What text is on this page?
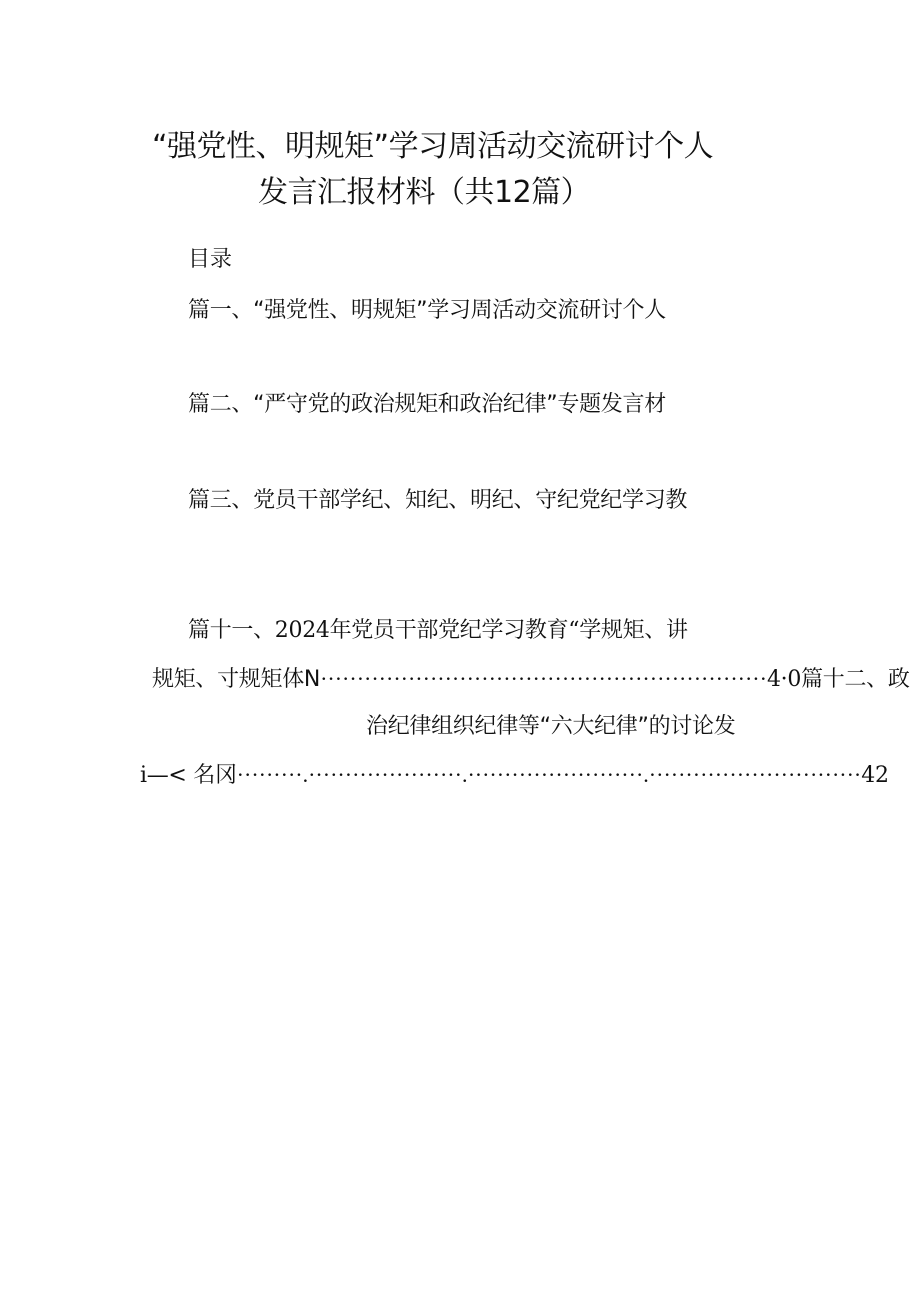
“强党性、明规矩”学习周活动交流研讨个人
发言汇报材料（共12篇）
目录
篇一、“强党性、明规矩”学习周活动交流研讨个人
篇二、“严守党的政治规矩和政治纪律”专题发言材
篇三、党员干部学纪、知纪、明纪、守纪党纪学习教
篇十一、2024年党员干部党纪学习教育“学规矩、讲
规矩、寸规矩体N·····························································4·0篇十二、政
治纪律组织纪律等“六大纪律”的讨论发
i—< 名冈·········.·····················.························.·····························42
